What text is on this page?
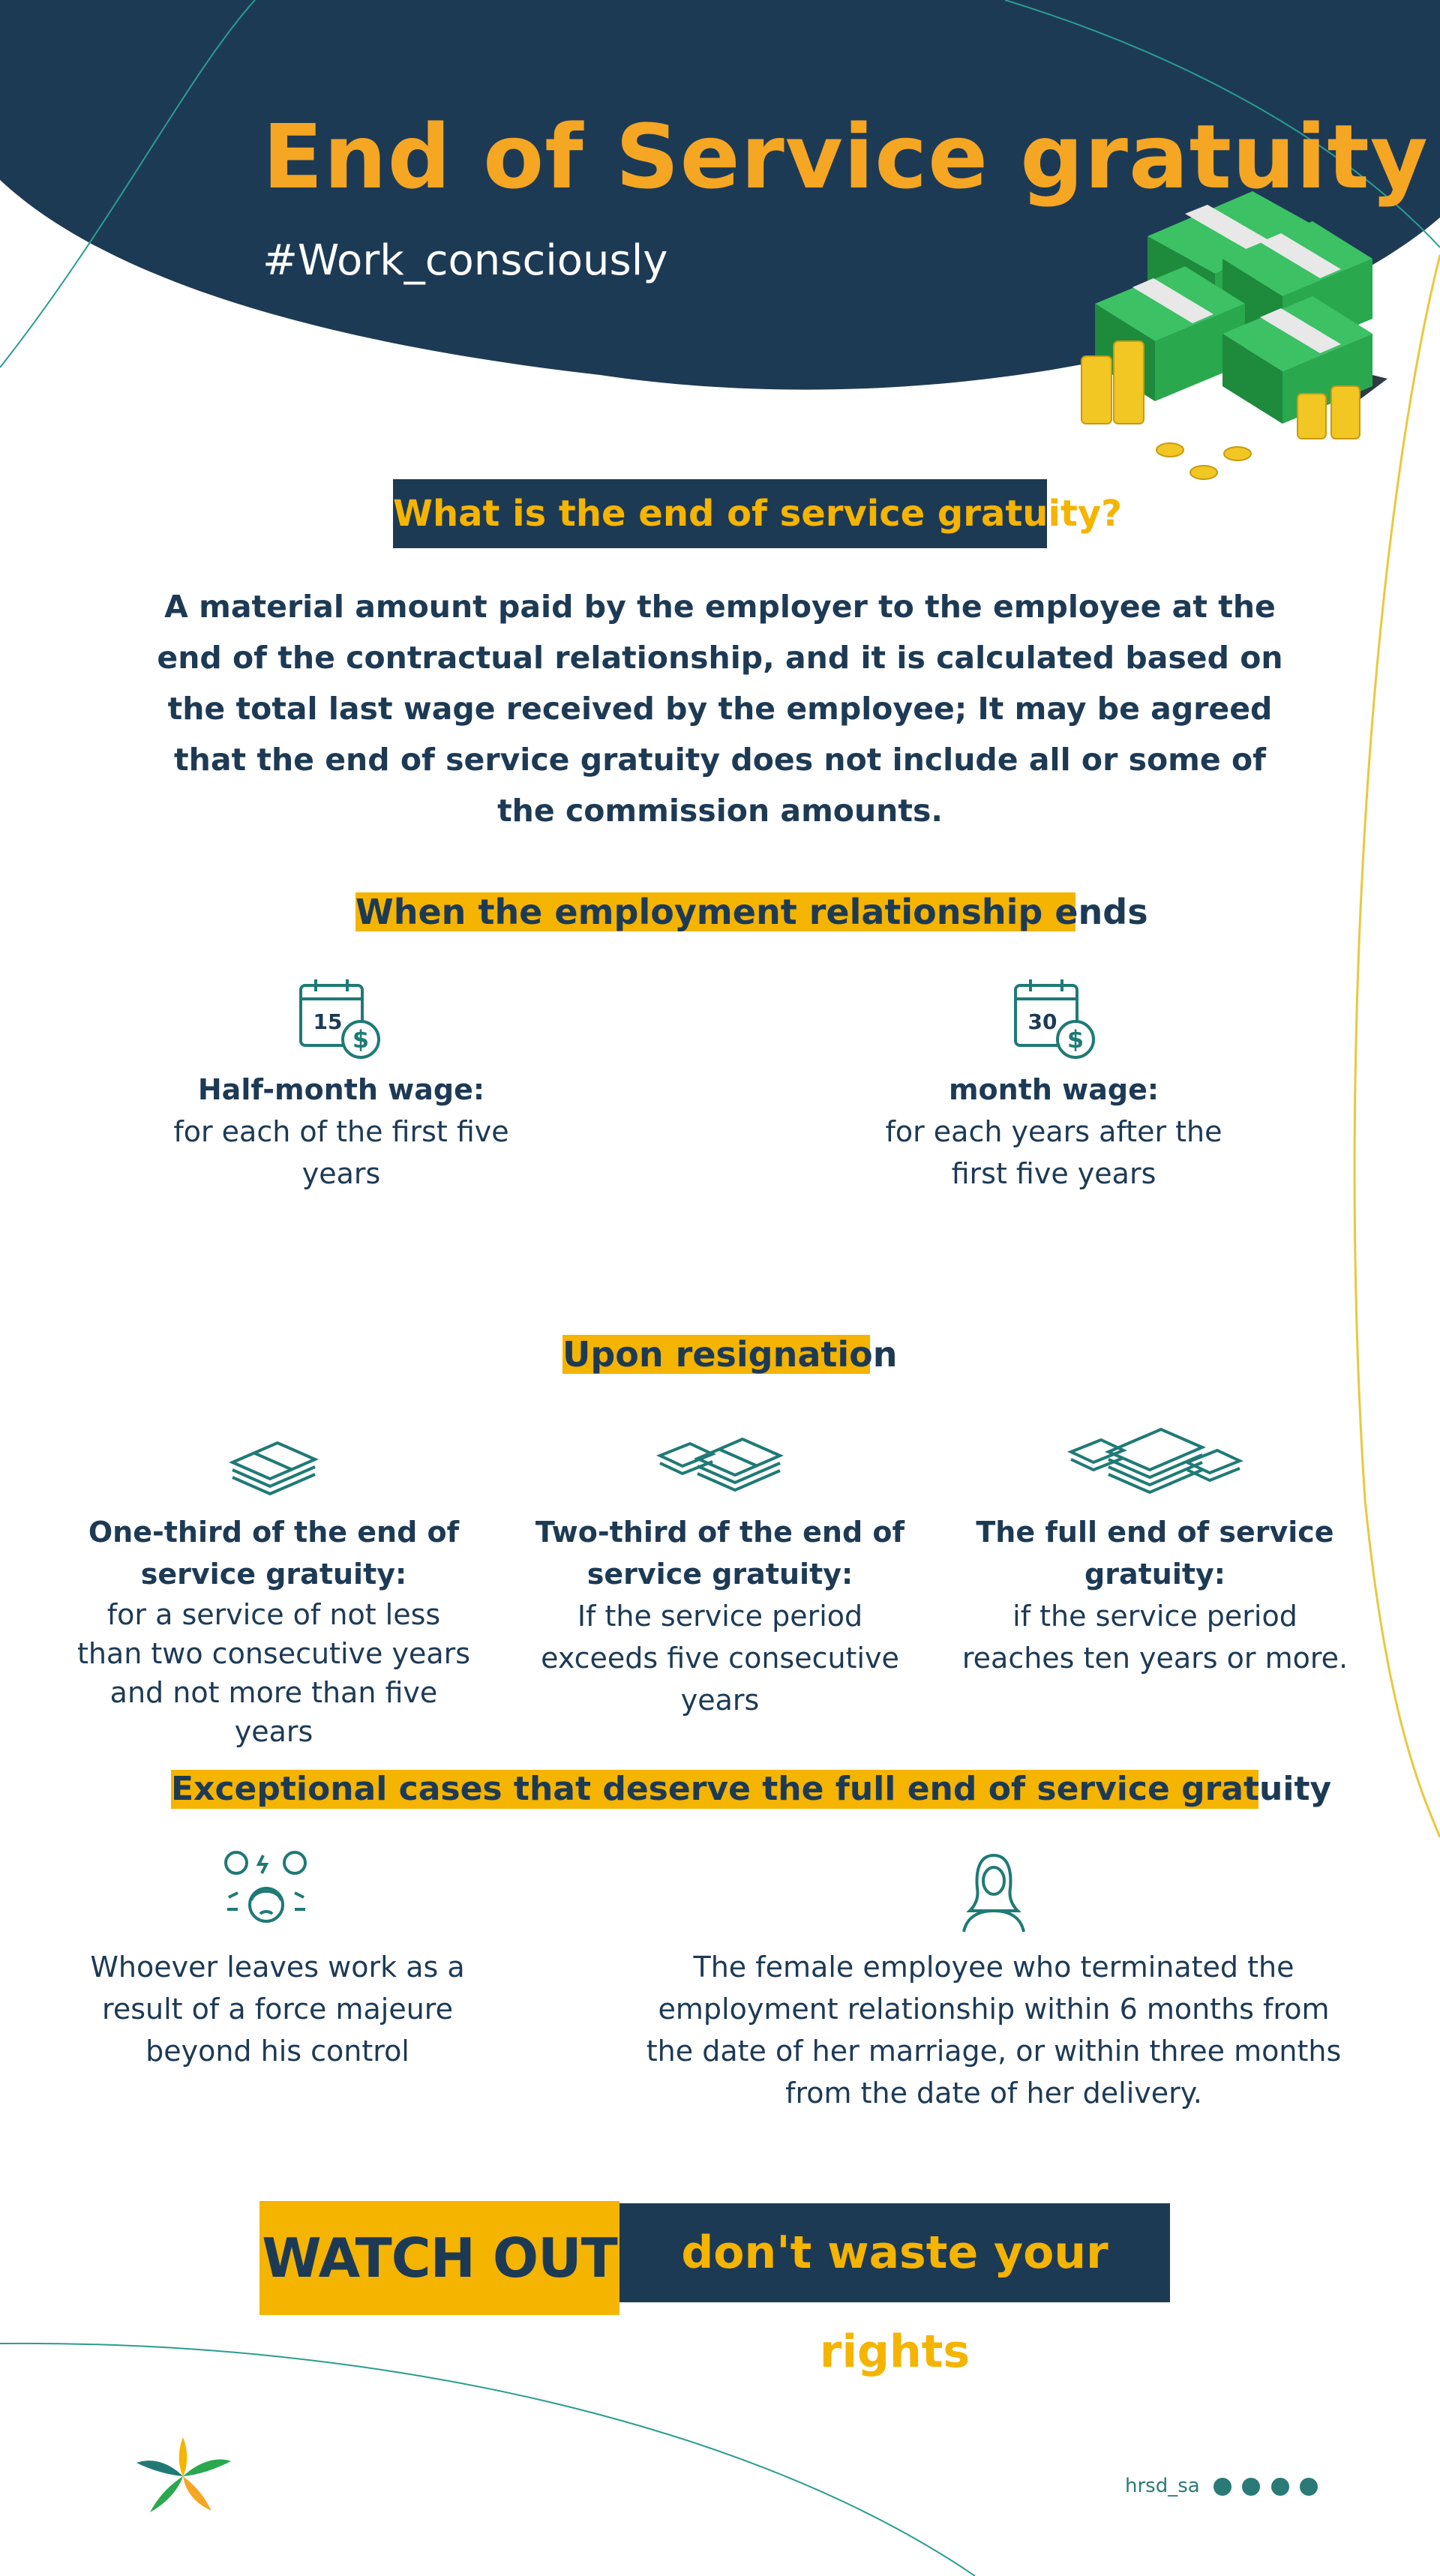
End of Service gratuity
#Work_consciously
What is the end of service gratuity?
A material amount paid by the employer to the employee at the end of the contractual relationship, and it is calculated based on the total last wage received by the employee; It may be agreed that the end of service gratuity does not include all or some of the commission amounts.
When the employment relationship ends
15
$
Half-month wage:
for each of the first five years
30
$
month wage:
for each years after the first five years
Upon resignation
One-third of the end of service gratuity:
for a service of not less than two consecutive years and not more than five years
Two-third of the end of service gratuity:
If the service period exceeds five consecutive years
The full end of service gratuity:
if the service period reaches ten years or more.
Exceptional cases that deserve the full end of service gratuity
Whoever leaves work as a result of a force majeure beyond his control
The female employee who terminated the employment relationship within 6 months from the date of her marriage, or within three months from the date of her delivery.
don't waste your rights
WATCH OUT
hrsd_sa
